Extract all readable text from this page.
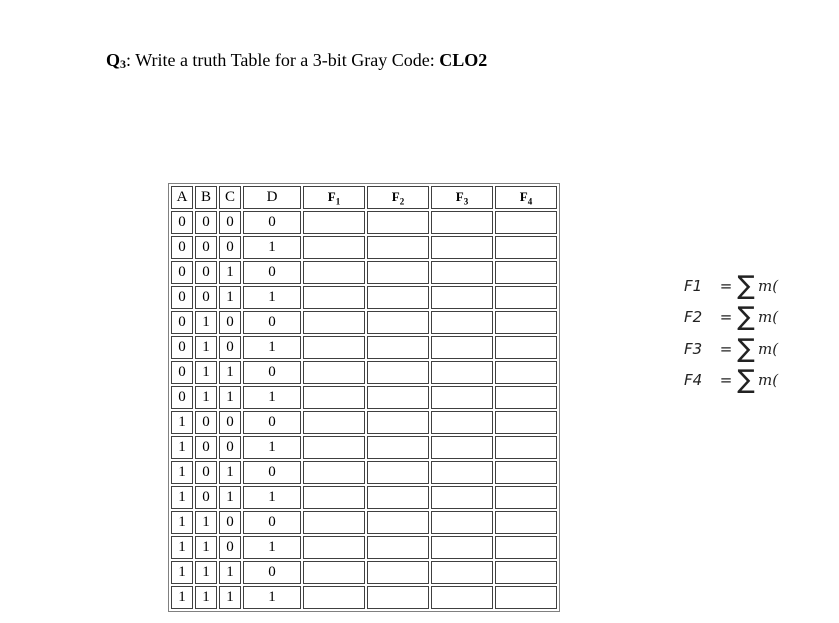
$Q_3$: Write a truth Table for a 3-bit Gray Code: CLO2
A	B	C	D	$F_1$	$F_2$	$F_3$	$F_4$
0	0	0	0				
0	0	0	1				
0	0	1	0				
0	0	1	1				
0	1	0	0				
0	1	0	1				
0	1	1	0				
0	1	1	1				
1	0	0	0				
1	0	0	1				
1	0	1	0				
1	0	1	1				
1	1	0	0				
1	1	0	1				
1	1	1	0				
1	1	1	1				
F1	= ∑ m(
F2	= ∑ m(
F3	= ∑ m(
F4	= ∑ m(
